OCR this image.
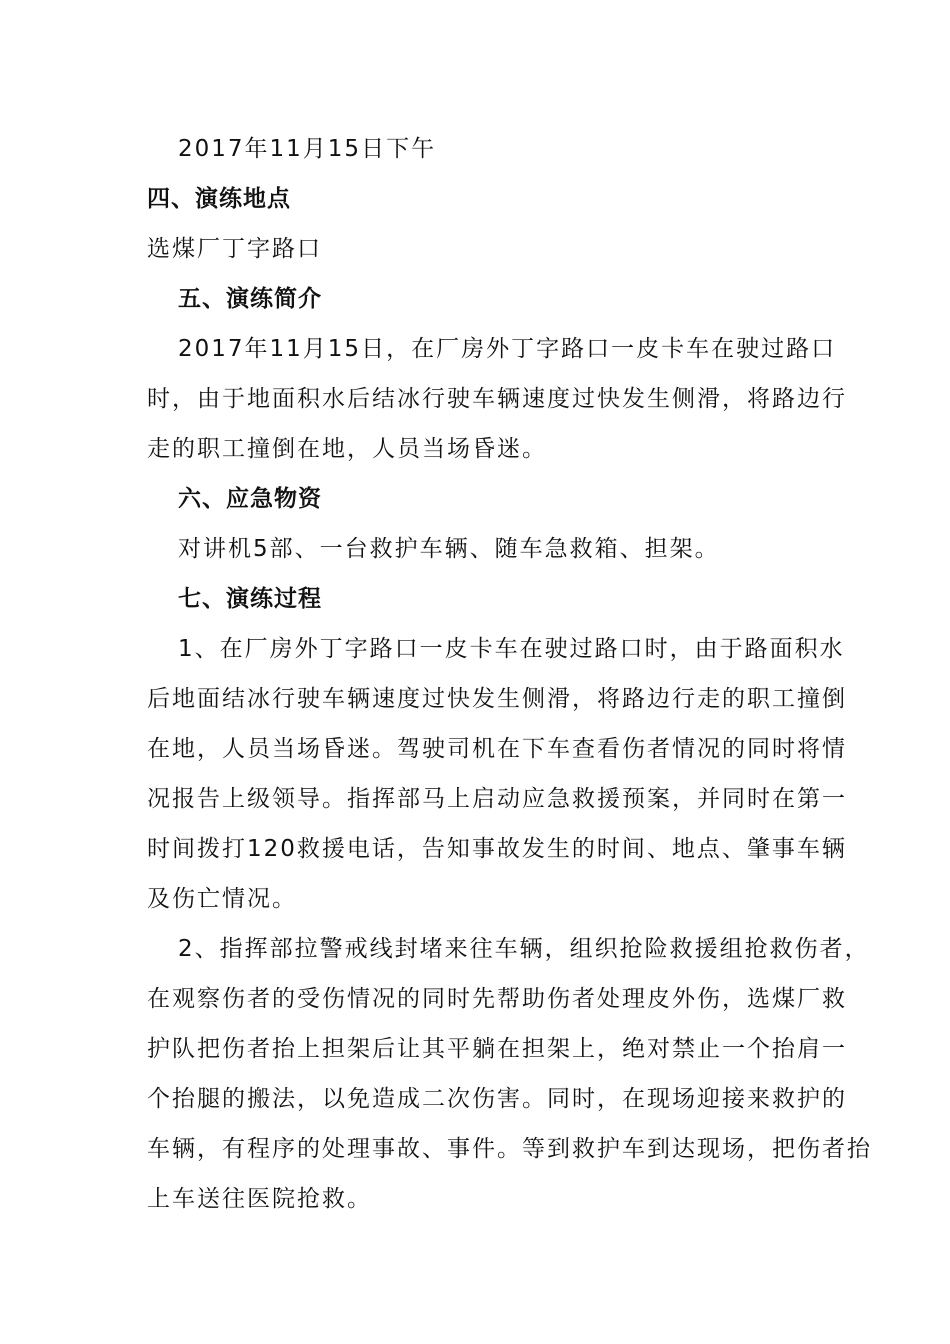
2017年11月15日下午
四、演练地点
选煤厂丁字路口
五、演练简介
2017年11月15日，在厂房外丁字路口一皮卡车在驶过路口
时，由于地面积水后结冰行驶车辆速度过快发生侧滑，将路边行
走的职工撞倒在地，人员当场昏迷。
六、应急物资
对讲机5部、一台救护车辆、随车急救箱、担架。
七、演练过程
1、在厂房外丁字路口一皮卡车在驶过路口时，由于路面积水
后地面结冰行驶车辆速度过快发生侧滑，将路边行走的职工撞倒
在地，人员当场昏迷。驾驶司机在下车查看伤者情况的同时将情
况报告上级领导。指挥部马上启动应急救援预案，并同时在第一
时间拨打120救援电话，告知事故发生的时间、地点、肇事车辆
及伤亡情况。
2、指挥部拉警戒线封堵来往车辆，组织抢险救援组抢救伤者，
在观察伤者的受伤情况的同时先帮助伤者处理皮外伤，选煤厂救
护队把伤者抬上担架后让其平躺在担架上，绝对禁止一个抬肩一
个抬腿的搬法，以免造成二次伤害。同时，在现场迎接来救护的
车辆，有程序的处理事故、事件。等到救护车到达现场，把伤者抬
上车送往医院抢救。
